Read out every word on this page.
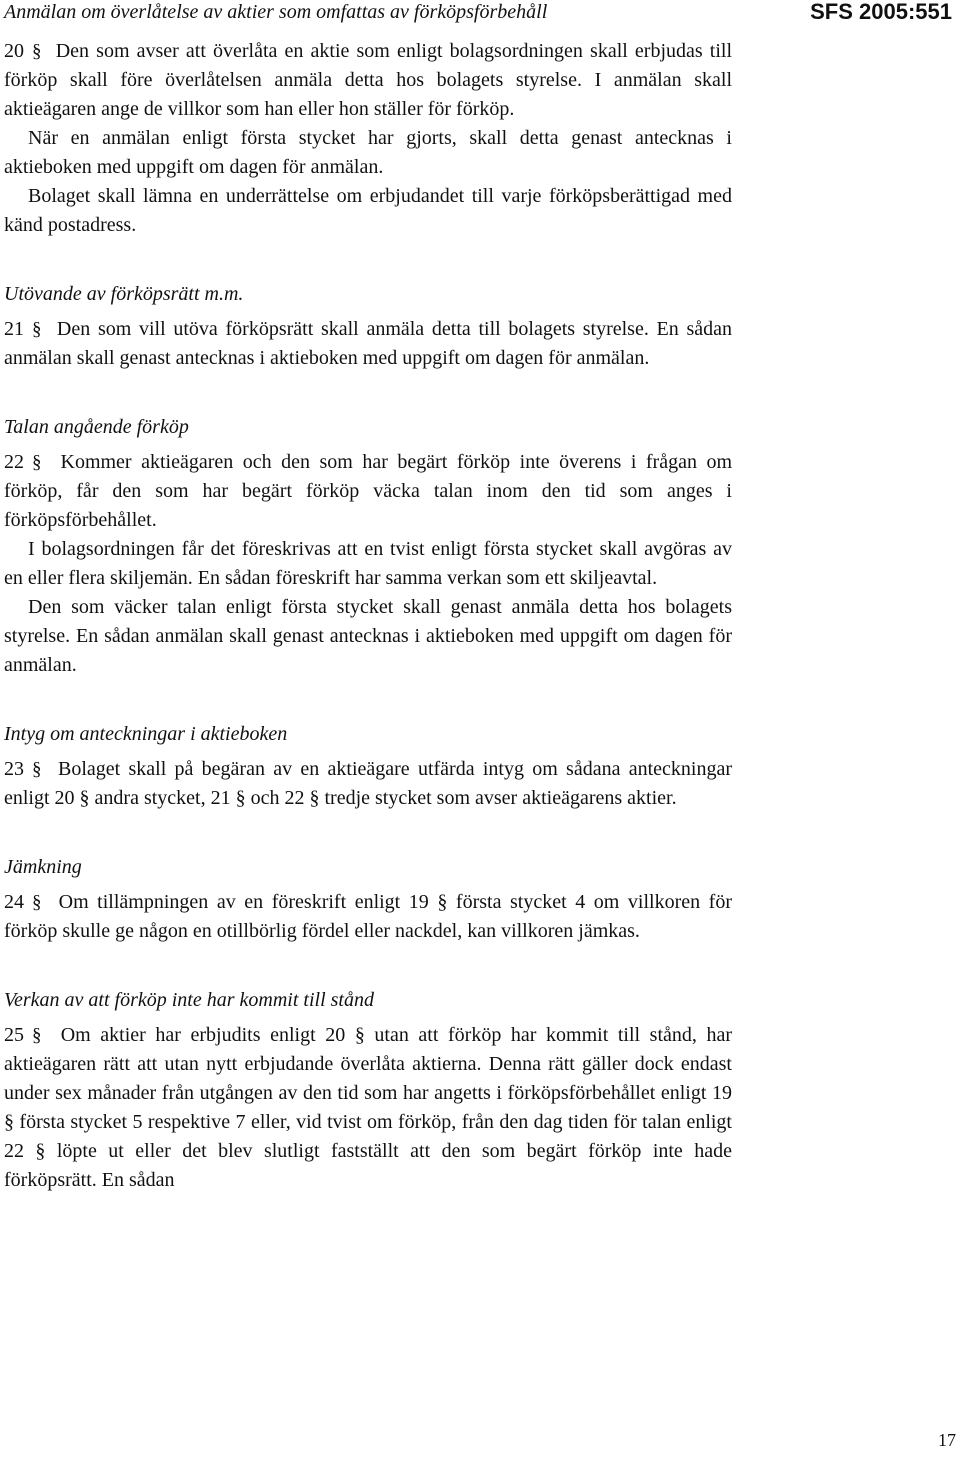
Anmälan om överlåtelse av aktier som omfattas av förköpsförbehåll	SFS 2005:551

20 § Den som avser att överlåta en aktie som enligt bolagsordningen skall erbjudas till förköp skall före överlåtelsen anmäla detta hos bolagets styrelse. I anmälan skall aktieägaren ange de villkor som han eller hon ställer för förköp.

När en anmälan enligt första stycket har gjorts, skall detta genast antecknas i aktieboken med uppgift om dagen för anmälan.

Bolaget skall lämna en underrättelse om erbjudandet till varje förköpsberättigad med känd postadress.

Utövande av förköpsrätt m.m.

21 § Den som vill utöva förköpsrätt skall anmäla detta till bolagets styrelse. En sådan anmälan skall genast antecknas i aktieboken med uppgift om dagen för anmälan.

Talan angående förköp

22 § Kommer aktieägaren och den som har begärt förköp inte överens i frågan om förköp, får den som har begärt förköp väcka talan inom den tid som anges i förköpsförbehållet.

I bolagsordningen får det föreskrivas att en tvist enligt första stycket skall avgöras av en eller flera skiljemän. En sådan föreskrift har samma verkan som ett skiljeavtal.

Den som väcker talan enligt första stycket skall genast anmäla detta hos bolagets styrelse. En sådan anmälan skall genast antecknas i aktieboken med uppgift om dagen för anmälan.

Intyg om anteckningar i aktieboken

23 § Bolaget skall på begäran av en aktieägare utfärda intyg om sådana anteckningar enligt 20 § andra stycket, 21 § och 22 § tredje stycket som avser aktieägarens aktier.

Jämkning

24 § Om tillämpningen av en föreskrift enligt 19 § första stycket 4 om villkoren för förköp skulle ge någon en otillbörlig fördel eller nackdel, kan villkoren jämkas.

Verkan av att förköp inte har kommit till stånd

25 § Om aktier har erbjudits enligt 20 § utan att förköp har kommit till stånd, har aktieägaren rätt att utan nytt erbjudande överlåta aktierna. Denna rätt gäller dock endast under sex månader från utgången av den tid som har angetts i förköpsförbehållet enligt 19 § första stycket 5 respektive 7 eller, vid tvist om förköp, från den dag tiden för talan enligt 22 § löpte ut eller det blev slutligt fastställt att den som begärt förköp inte hade förköpsrätt. En sådan

17
